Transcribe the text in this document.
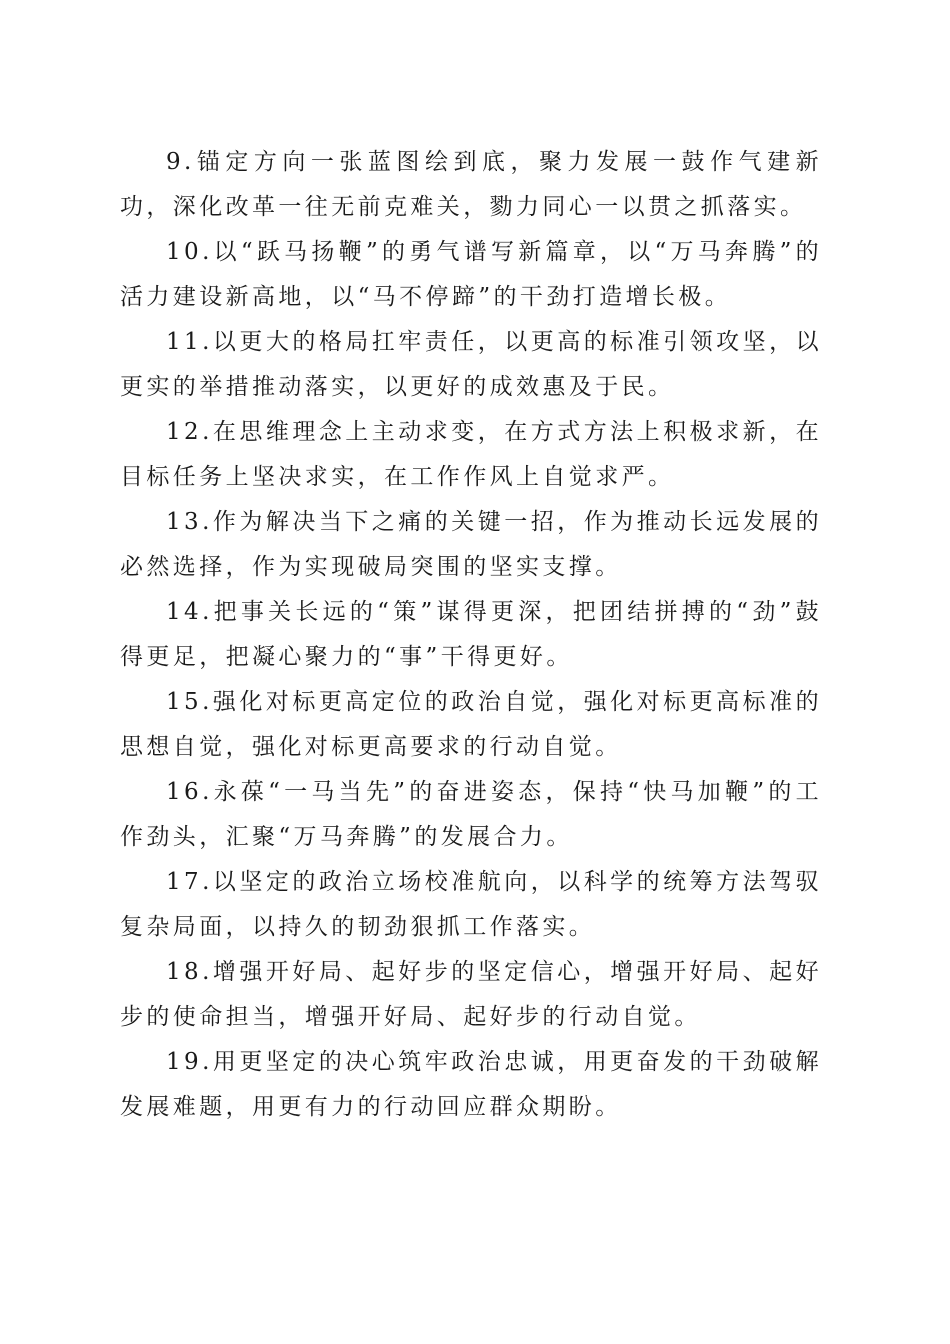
9.锚定方向一张蓝图绘到底，聚力发展一鼓作气建新功，深化改革一往无前克难关，勠力同心一以贯之抓落实。

10.以“跃马扬鞭”的勇气谱写新篇章，以“万马奔腾”的活力建设新高地，以“马不停蹄”的干劲打造增长极。

11.以更大的格局扛牢责任，以更高的标准引领攻坚，以更实的举措推动落实，以更好的成效惠及于民。

12.在思维理念上主动求变，在方式方法上积极求新，在目标任务上坚决求实，在工作作风上自觉求严。

13.作为解决当下之痛的关键一招，作为推动长远发展的必然选择，作为实现破局突围的坚实支撑。

14.把事关长远的“策”谋得更深，把团结拼搏的“劲”鼓得更足，把凝心聚力的“事”干得更好。

15.强化对标更高定位的政治自觉，强化对标更高标准的思想自觉，强化对标更高要求的行动自觉。

16.永葆“一马当先”的奋进姿态，保持“快马加鞭”的工作劲头，汇聚“万马奔腾”的发展合力。

17.以坚定的政治立场校准航向，以科学的统筹方法驾驭复杂局面，以持久的韧劲狠抓工作落实。

18.增强开好局、起好步的坚定信心，增强开好局、起好步的使命担当，增强开好局、起好步的行动自觉。

19.用更坚定的决心筑牢政治忠诚，用更奋发的干劲破解发展难题，用更有力的行动回应群众期盼。
